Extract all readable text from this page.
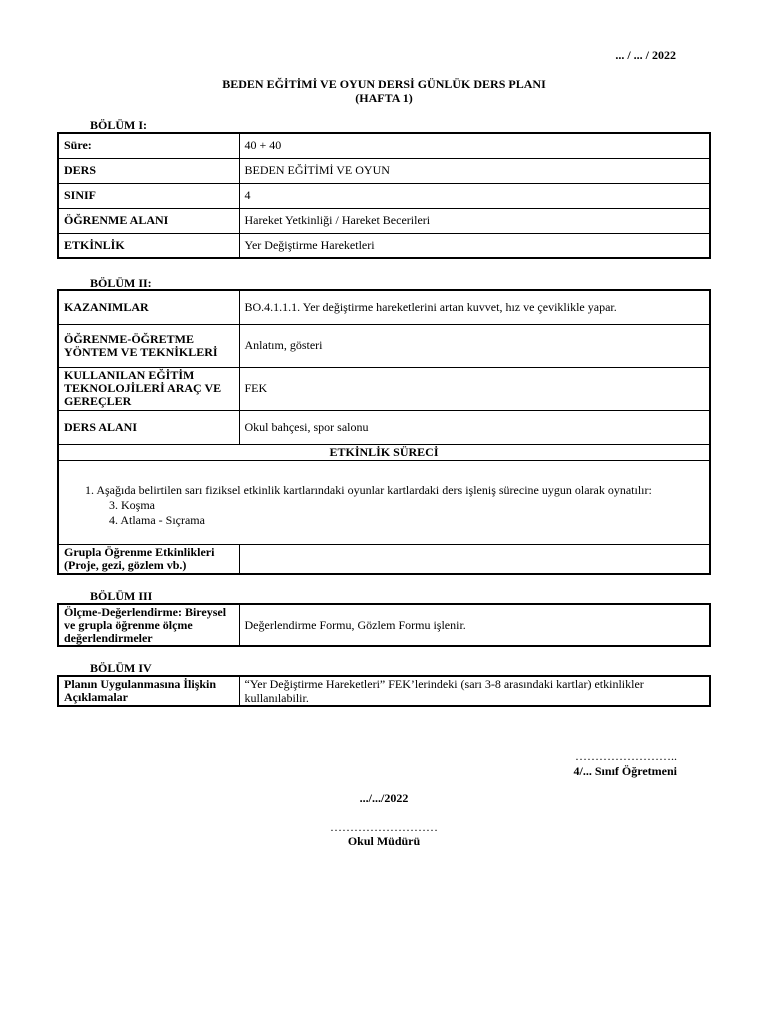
... / ... / 2022
BEDEN EĞİTİMİ VE OYUN DERSİ GÜNLÜK DERS PLANI
(HAFTA 1)
BÖLÜM I:
Süre:	40 + 40
DERS	BEDEN EĞİTİMİ VE OYUN
SINIF	4
ÖĞRENME ALANI	Hareket Yetkinliği / Hareket Becerileri
ETKİNLİK	Yer Değiştirme Hareketleri
BÖLÜM II:
KAZANIMLAR	BO.4.1.1.1. Yer değiştirme hareketlerini artan kuvvet, hız ve çeviklikle yapar.
ÖĞRENME-ÖĞRETME YÖNTEM VE TEKNİKLERİ	Anlatım, gösteri
KULLANILAN EĞİTİM TEKNOLOJİLERİ ARAÇ VE GEREÇLER	FEK
DERS ALANI	Okul bahçesi, spor salonu
ETKİNLİK SÜRECİ	

1. Aşağıda belirtilen sarı fiziksel etkinlik kartlarındaki oyunlar kartlardaki ders işleniş sürecine uygun olarak oynatılır:
3. Koşma
4. Atlama - Sıçrama	

Grupla Öğrenme Etkinlikleri (Proje, gezi, gözlem vb.)	
BÖLÜM III
Ölçme-Değerlendirme: Bireysel ve grupla öğrenme ölçme değerlendirmeler	Değerlendirme Formu, Gözlem Formu işlenir.
BÖLÜM IV
Planın Uygulanmasına İlişkin Açıklamalar	“Yer Değiştirme Hareketleri” FEK’lerindeki (sarı 3-8 arasındaki kartlar) etkinlikler kullanılabilir.
……………………..
4/... Sınıf Öğretmeni
.../.../2022
………………………
Okul Müdürü
